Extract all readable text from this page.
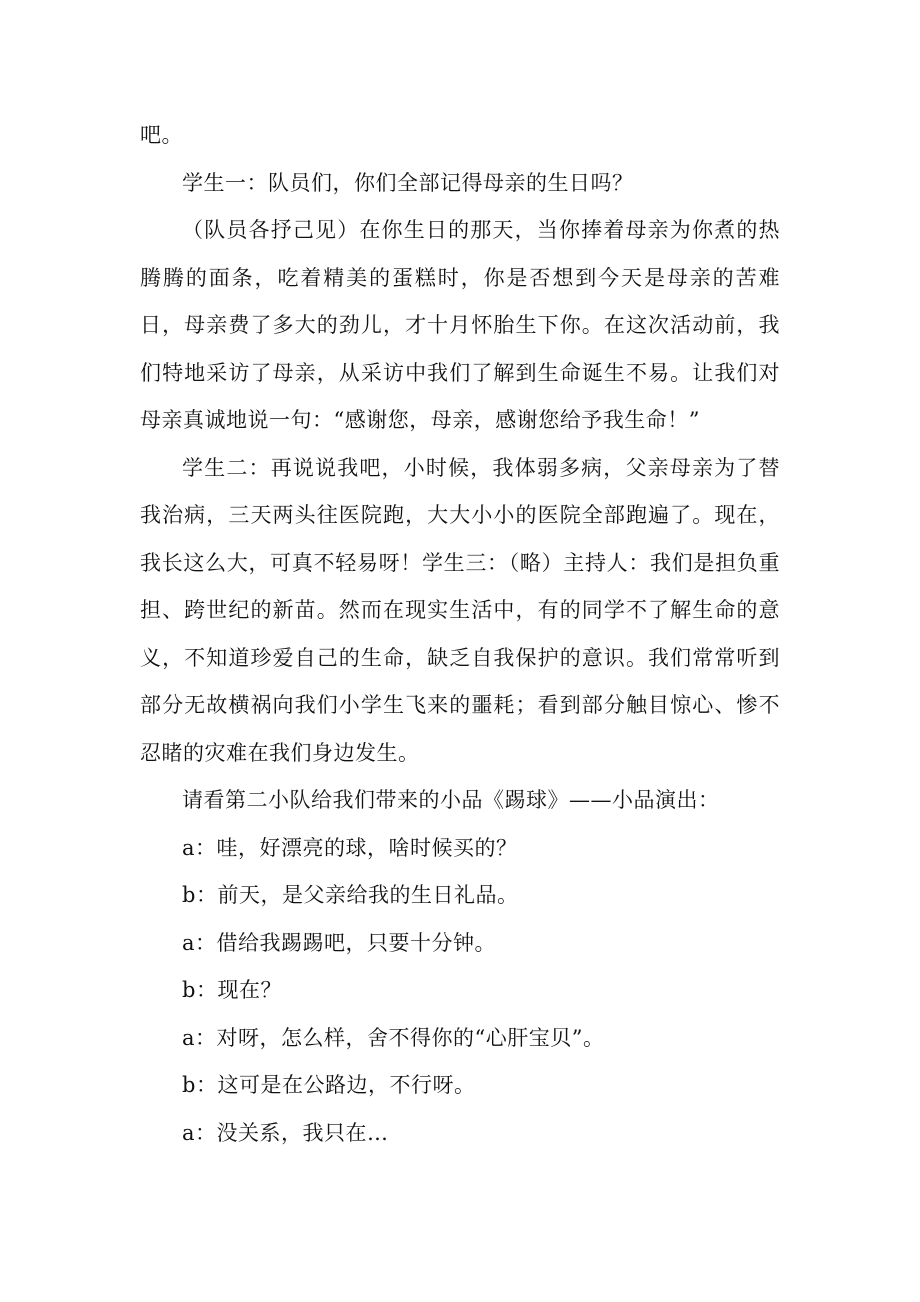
吧。

学生一：队员们，你们全部记得母亲的生日吗？

（队员各抒己见）在你生日的那天，当你捧着母亲为你煮的热腾腾的面条，吃着精美的蛋糕时，你是否想到今天是母亲的苦难日，母亲费了多大的劲儿，才十月怀胎生下你。在这次活动前，我们特地采访了母亲，从采访中我们了解到生命诞生不易。让我们对母亲真诚地说一句：“感谢您，母亲，感谢您给予我生命！”

学生二：再说说我吧，小时候，我体弱多病，父亲母亲为了替我治病，三天两头往医院跑，大大小小的医院全部跑遍了。现在，我长这么大，可真不轻易呀！学生三：（略）主持人：我们是担负重担、跨世纪的新苗。然而在现实生活中，有的同学不了解生命的意义，不知道珍爱自己的生命，缺乏自我保护的意识。我们常常听到部分无故横祸向我们小学生飞来的噩耗；看到部分触目惊心、惨不忍睹的灾难在我们身边发生。

请看第二小队给我们带来的小品《踢球》——小品演出：

a：哇，好漂亮的球，啥时候买的？

b：前天，是父亲给我的生日礼品。

a：借给我踢踢吧，只要十分钟。

b：现在？

a：对呀，怎么样，舍不得你的“心肝宝贝”。

b：这可是在公路边，不行呀。

a：没关系，我只在…
